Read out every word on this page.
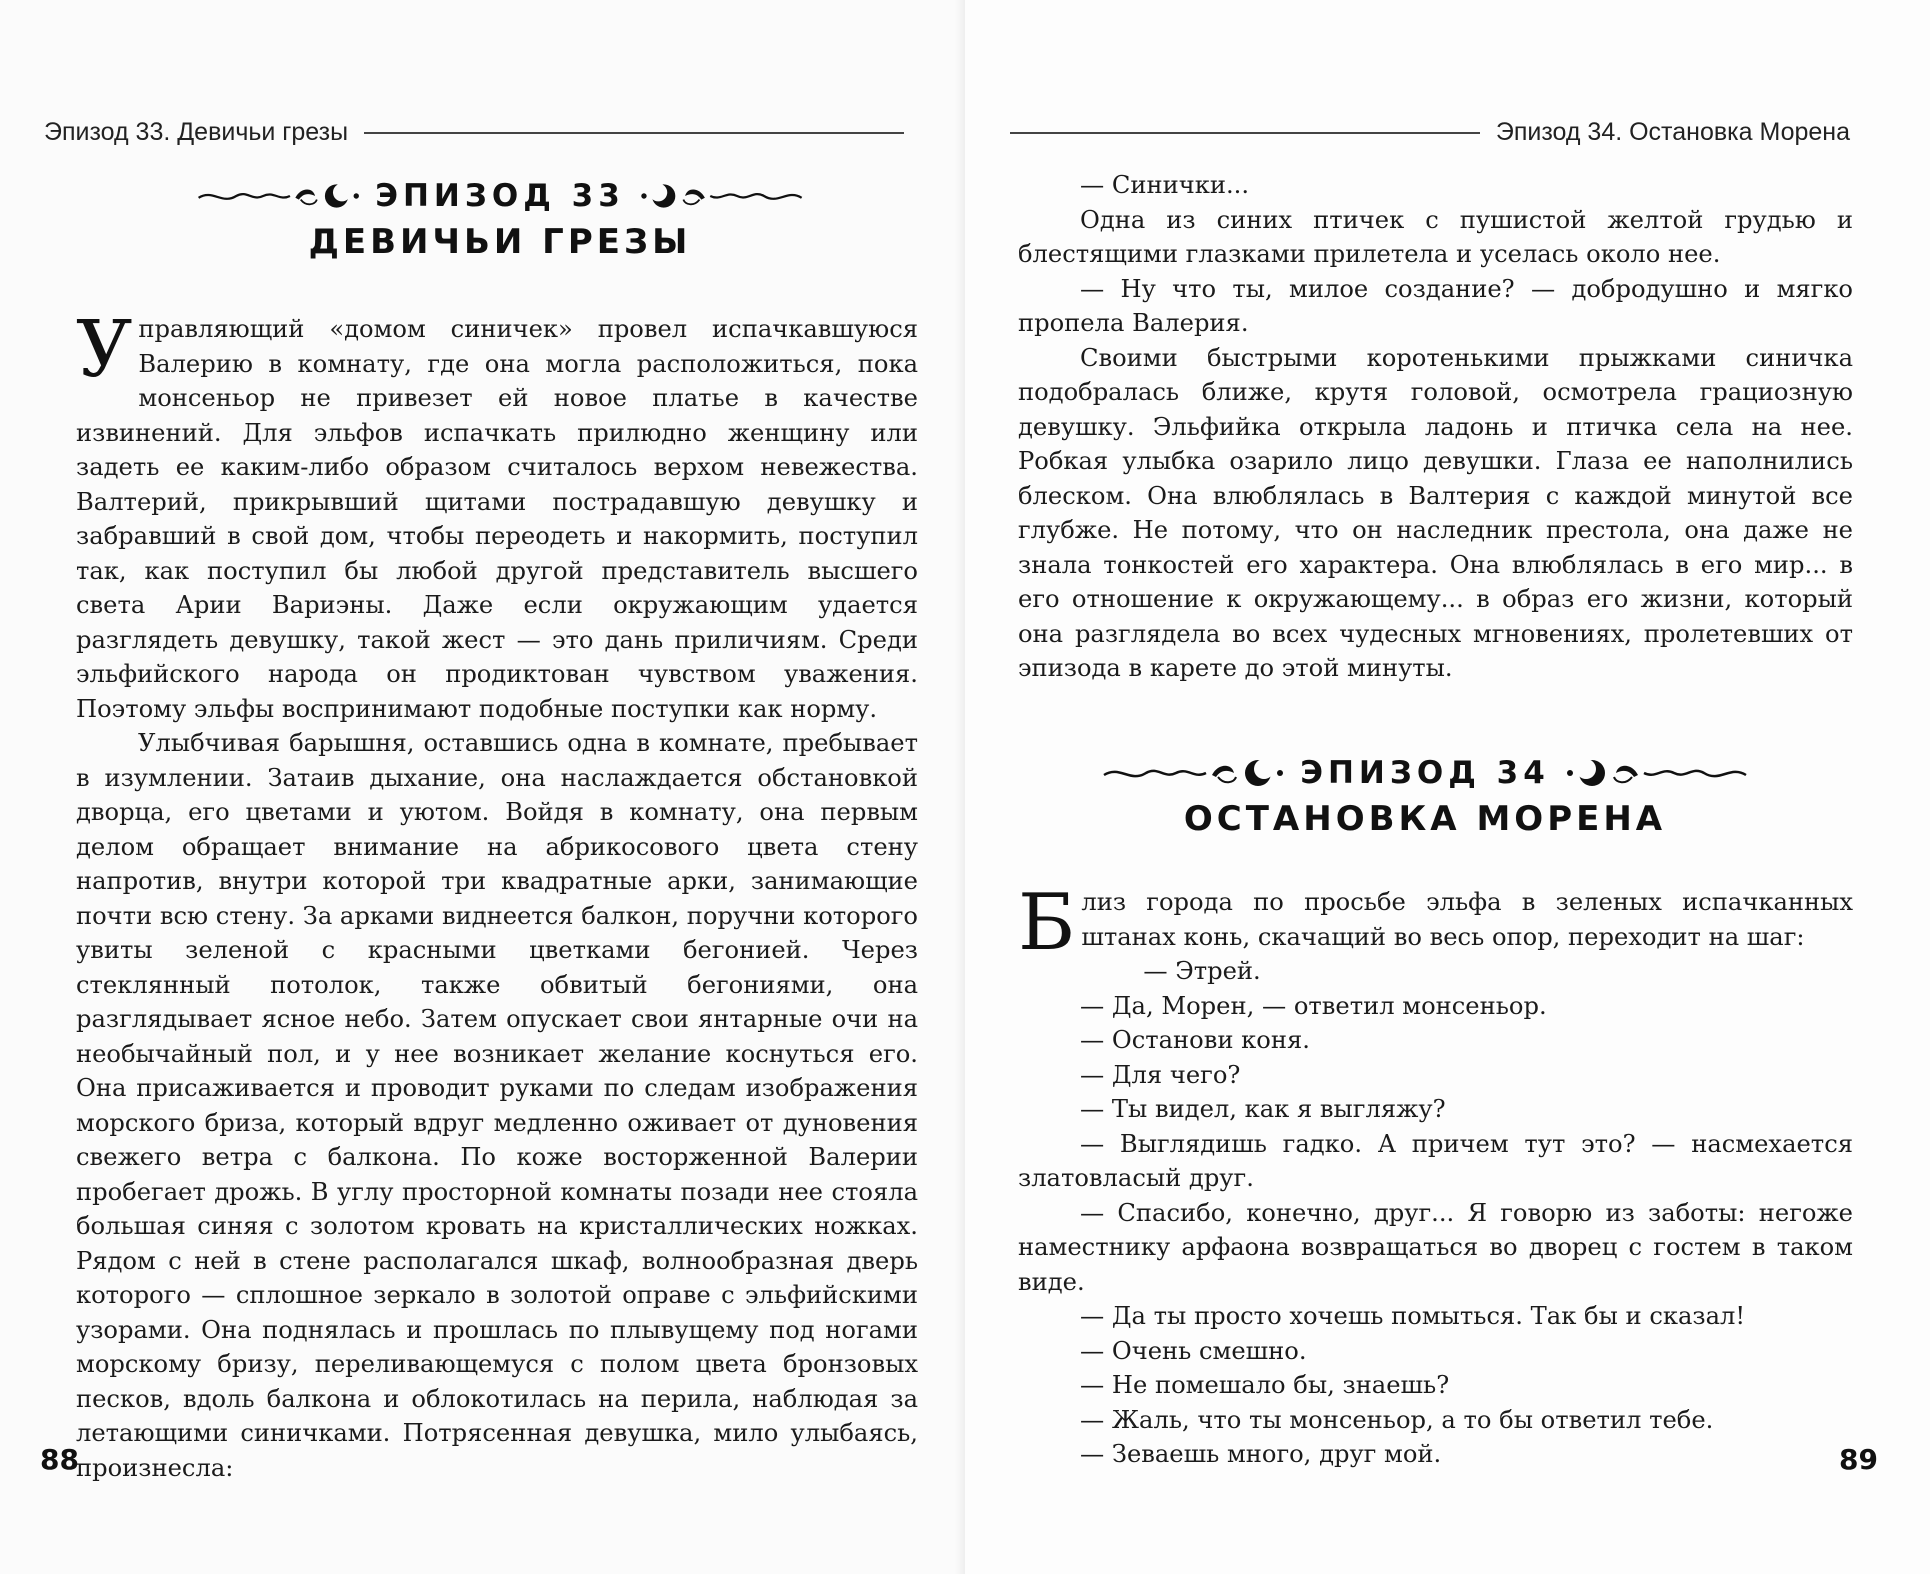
Эпизод 33. Девичьи грезы
ЭПИЗОД 33
ДЕВИЧЬИ ГРЕЗЫ

Управляющий «домом синичек» провел испачкавшуюся Валерию в комнату, где она могла расположиться, пока монсеньор не привезет ей новое платье в качестве извинений. Для эльфов испачкать прилюдно женщину или задеть ее каким-либо образом считалось верхом невежества. Валтерий, прикрывший щитами пострадавшую девушку и забравший в свой дом, чтобы переодеть и накормить, поступил так, как поступил бы любой другой представитель высшего света Арии Вариэны. Даже если окружающим удается разглядеть девушку, такой жест — это дань приличиям. Среди эльфийского народа он продиктован чувством уважения. Поэтому эльфы воспринимают подобные поступки как норму.

Улыбчивая барышня, оставшись одна в комнате, пребывает в изумлении. Затаив дыхание, она наслаждается обстановкой дворца, его цветами и уютом. Войдя в комнату, она первым делом обращает внимание на абрикосового цвета стену напротив, внутри которой три квадратные арки, занимающие почти всю стену. За арками виднеется балкон, поручни которого увиты зеленой с красными цветками бегонией. Через стеклянный потолок, также обвитый бегониями, она разглядывает ясное небо. Затем опускает свои янтарные очи на необычайный пол, и у нее возникает желание коснуться его. Она присаживается и проводит руками по следам изображения морского бриза, который вдруг медленно оживает от дуновения свежего ветра с балкона. По коже восторженной Валерии пробегает дрожь. В углу просторной комнаты позади нее стояла большая синяя с золотом кровать на кристаллических ножках. Рядом с ней в стене располагался шкаф, волнообразная дверь которого — сплошное зеркало в золотой оправе с эльфийскими узорами. Она поднялась и прошлась по плывущему под ногами морскому бризу, переливающемуся с полом цвета бронзовых песков, вдоль балкона и облокотилась на перила, наблюдая за летающими синичками. Потрясенная девушка, мило улыбаясь, произнесла:

88
Эпизод 34. Остановка Морена

— Синички...

Одна из синих птичек с пушистой желтой грудью и блестящими глазками прилетела и уселась около нее.

— Ну что ты, милое создание? — добродушно и мягко пропела Валерия.

Своими быстрыми коротенькими прыжками синичка подобралась ближе, крутя головой, осмотрела грациозную девушку. Эльфийка открыла ладонь и птичка села на нее. Робкая улыбка озарило лицо девушки. Глаза ее наполнились блеском. Она влюблялась в Валтерия с каждой минутой все глубже. Не потому, что он наследник престола, она даже не знала тонкостей его характера. Она влюблялась в его мир... в его отношение к окружающему... в образ его жизни, который она разглядела во всех чудесных мгновениях, пролетевших от эпизода в карете до этой минуты.

ЭПИЗОД 34
ОСТАНОВКА МОРЕНА

Близ города по просьбе эльфа в зеленых испачканных штанах конь, скачащий во весь опор, переходит на шаг:

— Этрей.

— Да, Морен, — ответил монсеньор.

— Останови коня.

— Для чего?

— Ты видел, как я выгляжу?

— Выглядишь гадко. А причем тут это? — насмехается златовласый друг.

— Спасибо, конечно, друг... Я говорю из заботы: негоже наместнику арфаона возвращаться во дворец с гостем в таком виде.

— Да ты просто хочешь помыться. Так бы и сказал!

— Очень смешно.

— Не помешало бы, знаешь?

— Жаль, что ты монсеньор, а то бы ответил тебе.

— Зеваешь много, друг мой.	89
